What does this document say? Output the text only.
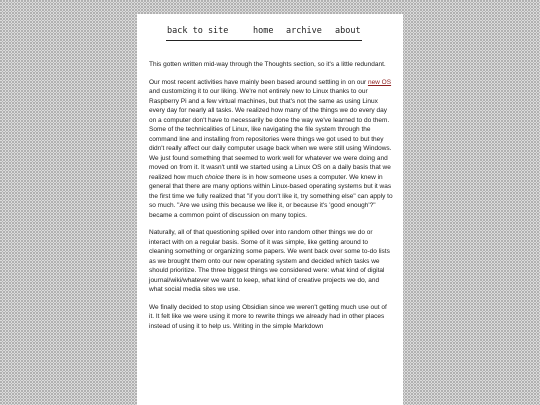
back to site	home archive about

This gotten written mid-way through the Thoughts section, so it's a little redundant.

Our most recent activities have mainly been based around settling in on our new OS and customizing it to our liking. We're not entirely new to Linux thanks to our Raspberry Pi and a few virtual machines, but that's not the same as using Linux every day for nearly all tasks. We realized how many of the things we do every day on a computer don't have to necessarily be done the way we've learned to do them. Some of the technicalities of Linux, like navigating the file system through the command line and installing from repositories were things we got used to but they didn't really affect our daily computer usage back when we were still using Windows. We just found something that seemed to work well for whatever we were doing and moved on from it. It wasn't until we started using a Linux OS on a daily basis that we realized how much choice there is in how someone uses a computer. We knew in general that there are many options within Linux-based operating systems but it was the first time we fully realized that "if you don't like it, try something else" can apply to so much. "Are we using this because we like it, or because it's 'good enough'?" became a common point of discussion on many topics.

Naturally, all of that questioning spilled over into random other things we do or interact with on a regular basis. Some of it was simple, like getting around to cleaning something or organizing some papers. We went back over some to-do lists as we brought them onto our new operating system and decided which tasks we should prioritize. The three biggest things we considered were: what kind of digital journal/wiki/whatever we want to keep, what kind of creative projects we do, and what social media sites we use.

We finally decided to stop using Obsidian since we weren't getting much use out of it. It felt like we were using it more to rewrite things we already had in other places instead of using it to help us. Writing in the simple Markdown
